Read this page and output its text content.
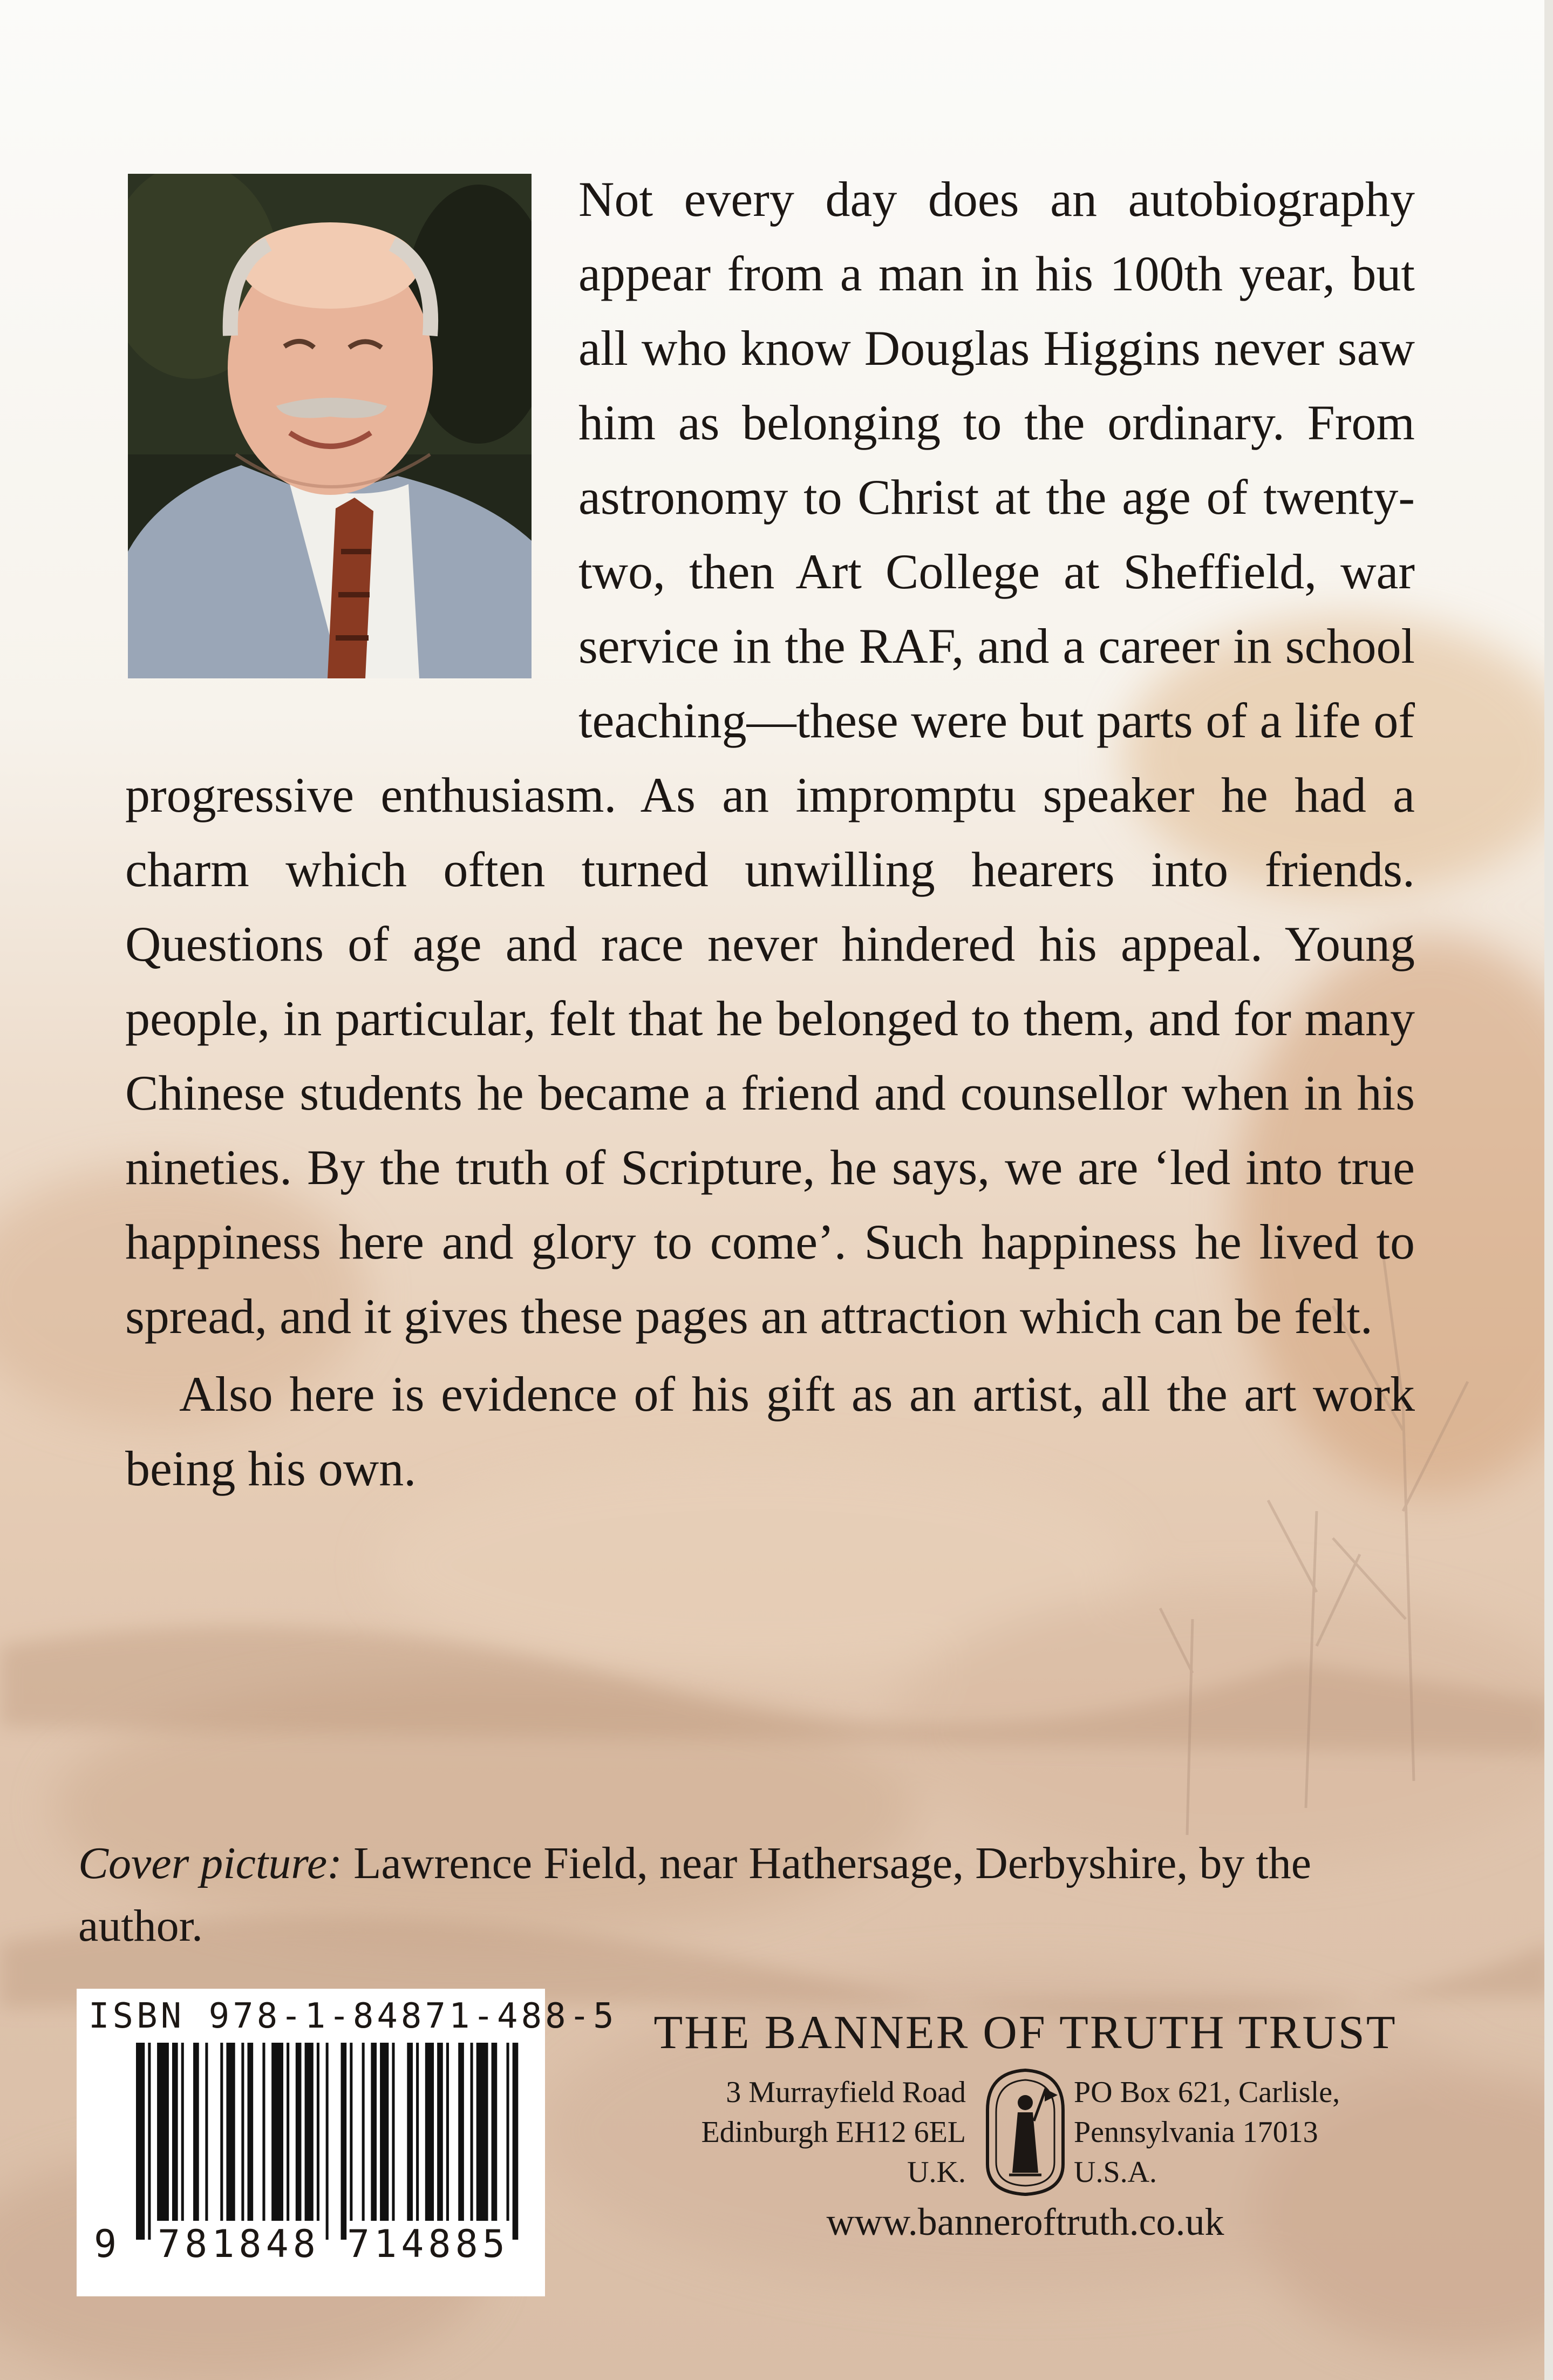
Not every day does an autobiography appear from a man in his 100th year, but all who know Douglas Higgins never saw him as belonging to the ordinary. From astronomy to Christ at the age of twenty-two, then Art College at Sheffield, war service in the RAF, and a career in school teaching—these were but parts of a life of progressive enthusiasm. As an impromptu speaker he had a charm which often turned unwilling hearers into friends. Questions of age and race never hindered his appeal. Young people, in particular, felt that he belonged to them, and for many Chinese students he became a friend and counsellor when in his nineties. By the truth of Scripture, he says, we are ‘led into true happiness here and glory to come’. Such happiness he lived to spread, and it gives these pages an attraction which can be felt.

Also here is evidence of his gift as an artist, all the art work being his own.

Cover picture: Lawrence Field, near Hathersage, Derbyshire, by the author.
ISBN 978-1-84871-488-5
9 781848 714885
THE BANNER OF TRUTH TRUST
3 Murrayfield Road
Edinburgh EH12 6EL
U.K.
PO Box 621, Carlisle,
Pennsylvania 17013
U.S.A.
www.banneroftruth.co.uk
